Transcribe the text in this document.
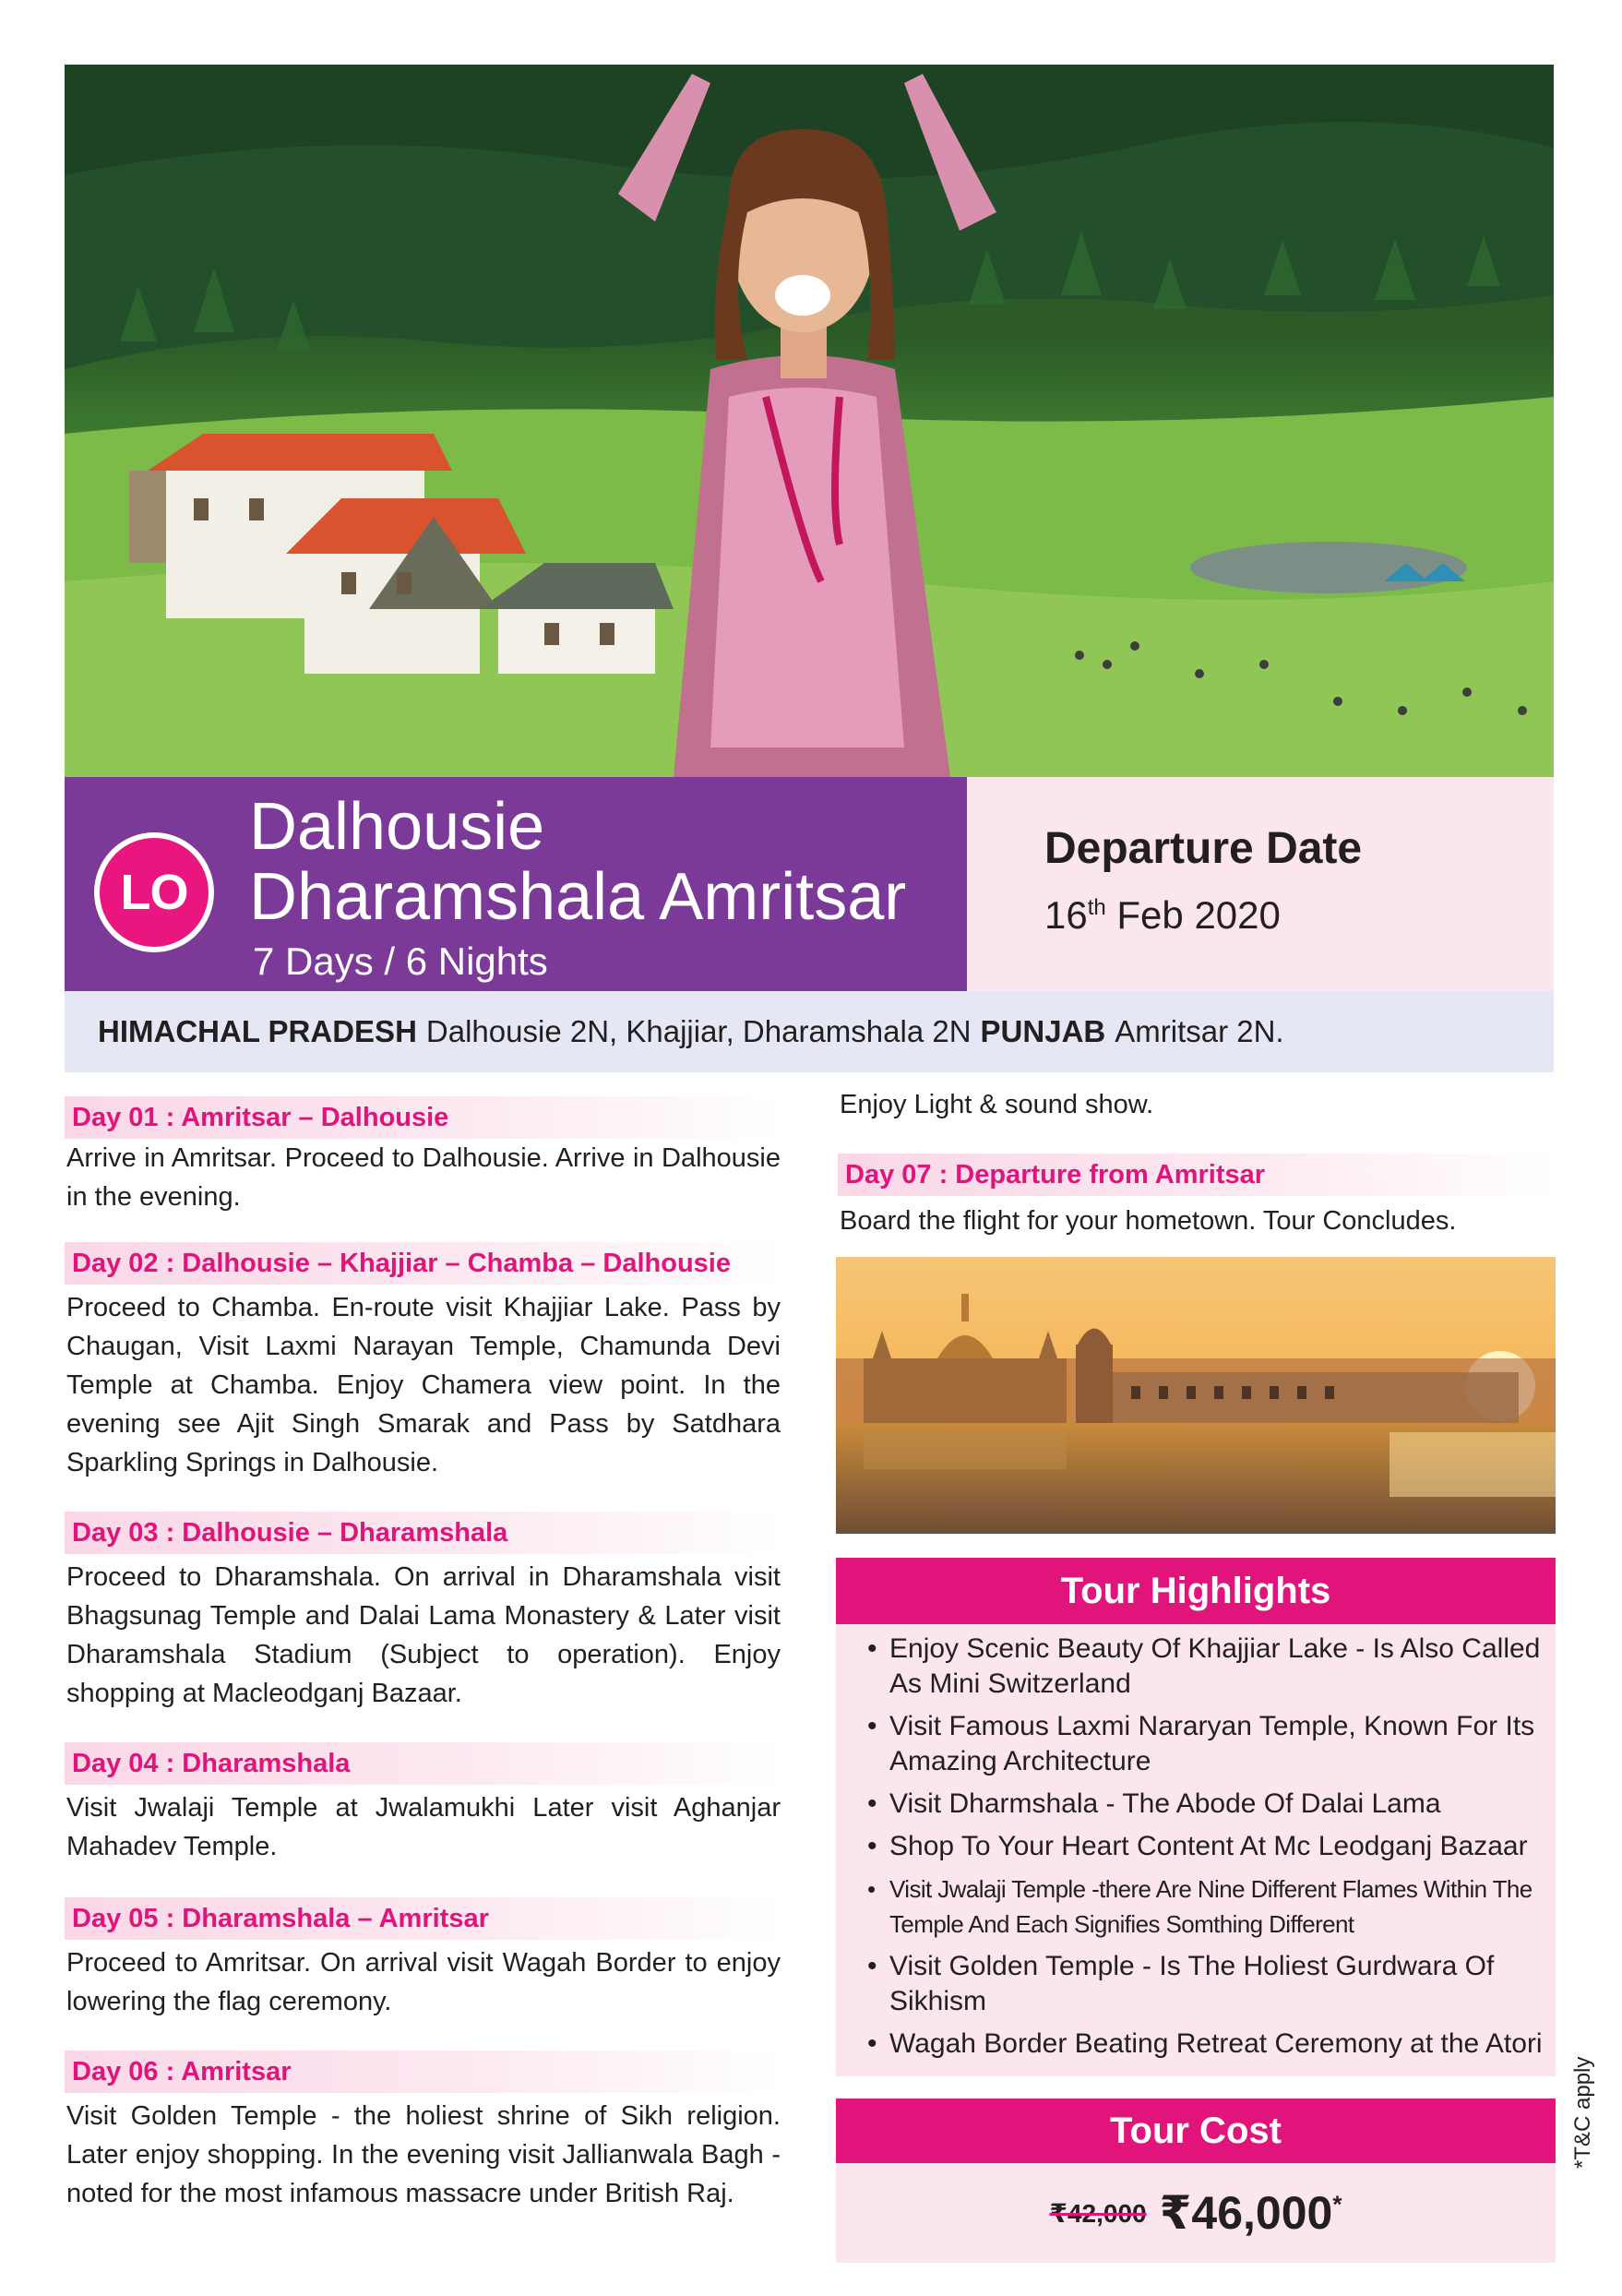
LO
Dalhousie
Dharamshala Amritsar
7 Days / 6 Nights
Departure Date
16th Feb 2020
HIMACHAL PRADESH Dalhousie 2N, Khajjiar, Dharamshala 2N PUNJAB Amritsar 2N.
Day 01 : Amritsar – Dalhousie
Arrive in Amritsar. Proceed to Dalhousie. Arrive in Dalhousie in the evening.
Day 02 : Dalhousie – Khajjiar – Chamba – Dalhousie
Proceed to Chamba. En-route visit Khajjiar Lake. Pass by Chaugan, Visit Laxmi Narayan Temple, Chamunda Devi Temple at Chamba. Enjoy Chamera view point. In the evening see Ajit Singh Smarak and Pass by Satdhara Sparkling Springs in Dalhousie.
Day 03 : Dalhousie – Dharamshala
Proceed to Dharamshala. On arrival in Dharamshala visit Bhagsunag Temple and Dalai Lama Monastery & Later visit Dharamshala Stadium (Subject to operation). Enjoy shopping at Macleodganj Bazaar.
Day 04 : Dharamshala
Visit Jwalaji Temple at Jwalamukhi Later visit Aghanjar Mahadev Temple.
Day 05 : Dharamshala – Amritsar
Proceed to Amritsar. On arrival visit Wagah Border to enjoy lowering the flag ceremony.
Day 06 : Amritsar
Visit Golden Temple - the holiest shrine of Sikh religion. Later enjoy shopping. In the evening visit Jallianwala Bagh - noted for the most infamous massacre under British Raj.
Enjoy Light & sound show.
Day 07 : Departure from Amritsar
Board the flight for your hometown. Tour Concludes.
Tour Highlights
• Enjoy Scenic Beauty Of Khajjiar Lake - Is Also Called As Mini Switzerland
• Visit Famous Laxmi Nararyan Temple, Known For Its Amazing Architecture
• Visit Dharmshala - The Abode Of Dalai Lama
• Shop To Your Heart Content At Mc Leodganj Bazaar
• Visit Jwalaji Temple -there Are Nine Different Flames Within The Temple And Each Signifies Somthing Different
• Visit Golden Temple - Is The Holiest Gurdwara Of Sikhism
• Wagah Border Beating Retreat Ceremony at the Atori
Tour Cost
₹42,000 ₹46,000*
*T&C apply
